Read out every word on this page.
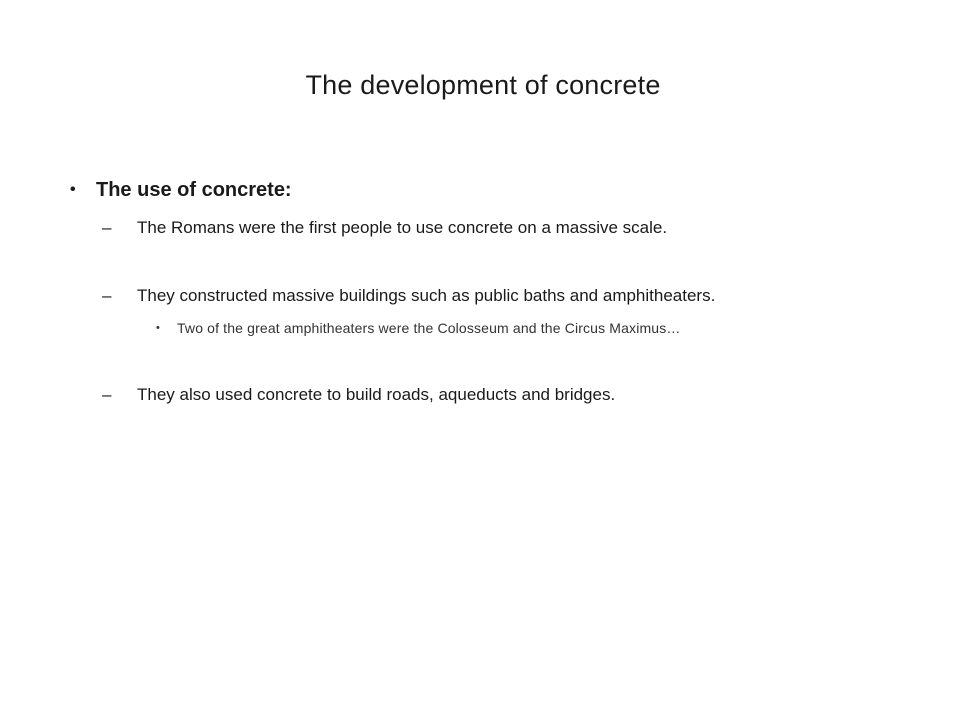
The development of concrete
• The use of concrete:
– The Romans were the first people to use concrete on a massive scale.
– They constructed massive buildings such as public baths and amphitheaters.
• Two of the great amphitheaters were the Colosseum and the Circus Maximus…
– They also used concrete to build roads, aqueducts and bridges.
